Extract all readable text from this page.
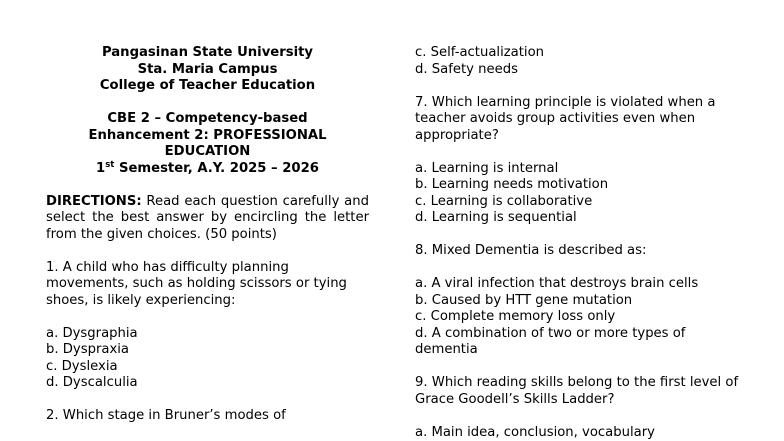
Pangasinan State University

Sta. Maria Campus

College of Teacher Education

CBE 2 – Competency-based

Enhancement 2: PROFESSIONAL

EDUCATION

1st Semester, A.Y. 2025 – 2026

DIRECTIONS: Read each question carefully and select the best answer by encircling the letter from the given choices. (50 points)

1. A child who has difficulty planning movements, such as holding scissors or tying shoes, is likely experiencing:

a. Dysgraphia

b. Dyspraxia

c. Dyslexia

d. Dyscalculia

2. Which stage in Bruner’s modes of

c. Self-actualization

d. Safety needs

7. Which learning principle is violated when a teacher avoids group activities even when appropriate?

a. Learning is internal

b. Learning needs motivation

c. Learning is collaborative

d. Learning is sequential

8. Mixed Dementia is described as:

a. A viral infection that destroys brain cells

b. Caused by HTT gene mutation

c. Complete memory loss only

d. A combination of two or more types of dementia

9. Which reading skills belong to the first level of Grace Goodell’s Skills Ladder?

a. Main idea, conclusion, vocabulary
